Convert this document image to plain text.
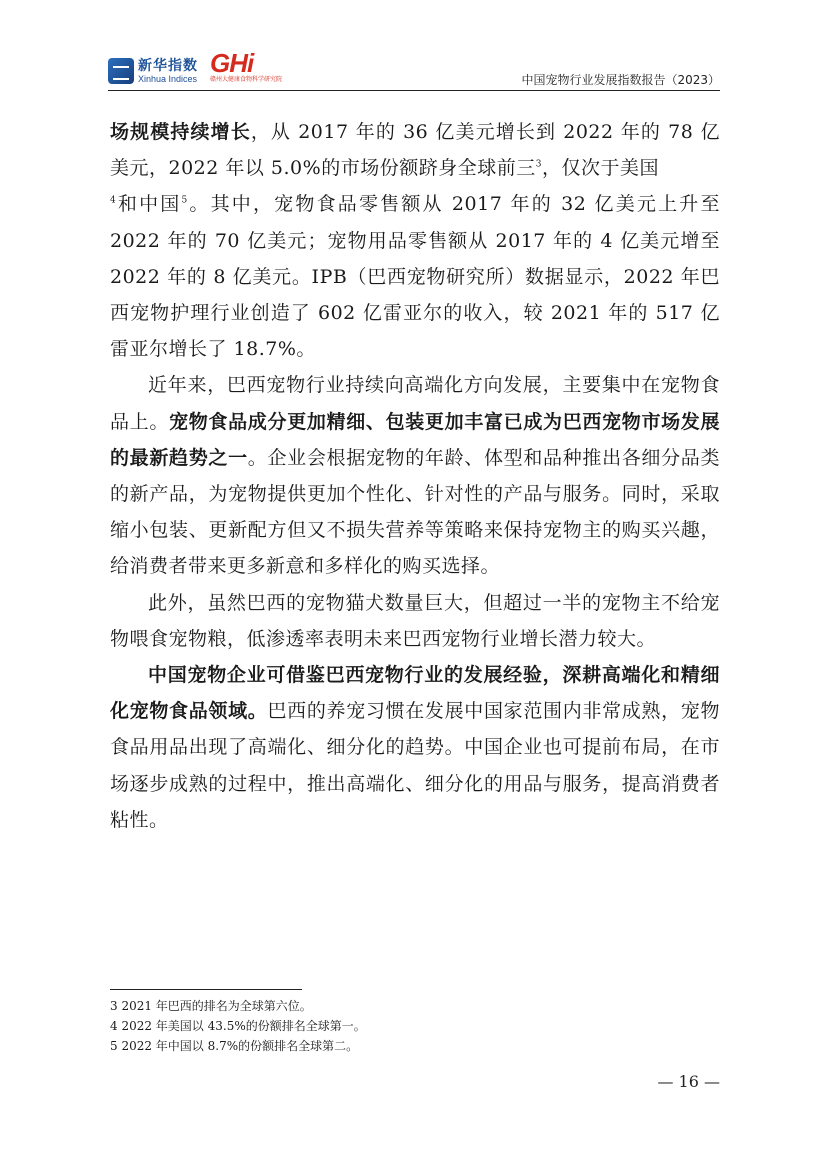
新华指数
Xinhua Indices
GHi
赣州大健康食物科学研究院	中国宠物行业发展指数报告（2023）

场规模持续增长，从 2017 年的 36 亿美元增长到 2022 年的 78 亿美元，2022 年以 5.0%的市场份额跻身全球前三$^3$，仅次于美国
$^4$和中国$^5$。其中，宠物食品零售额从 2017 年的 32 亿美元上升至 2022 年的 70 亿美元；宠物用品零售额从 2017 年的 4 亿美元增至 2022 年的 8 亿美元。IPB（巴西宠物研究所）数据显示，2022 年巴西宠物护理行业创造了 602 亿雷亚尔的收入，较 2021 年的 517 亿雷亚尔增长了 18.7%。

近年来，巴西宠物行业持续向高端化方向发展，主要集中在宠物食品上。宠物食品成分更加精细、包装更加丰富已成为巴西宠物市场发展的最新趋势之一。企业会根据宠物的年龄、体型和品种推出各细分品类的新产品，为宠物提供更加个性化、针对性的产品与服务。同时，采取缩小包装、更新配方但又不损失营养等策略来保持宠物主的购买兴趣，给消费者带来更多新意和多样化的购买选择。

此外，虽然巴西的宠物猫犬数量巨大，但超过一半的宠物主不给宠物喂食宠物粮，低渗透率表明未来巴西宠物行业增长潜力较大。

中国宠物企业可借鉴巴西宠物行业的发展经验，深耕高端化和精细化宠物食品领域。巴西的养宠习惯在发展中国家范围内非常成熟，宠物食品用品出现了高端化、细分化的趋势。中国企业也可提前布局，在市场逐步成熟的过程中，推出高端化、细分化的用品与服务，提高消费者粘性。

3 2021 年巴西的排名为全球第六位。

4 2022 年美国以 43.5%的份额排名全球第一。

5 2022 年中国以 8.7%的份额排名全球第二。

— 16 —
